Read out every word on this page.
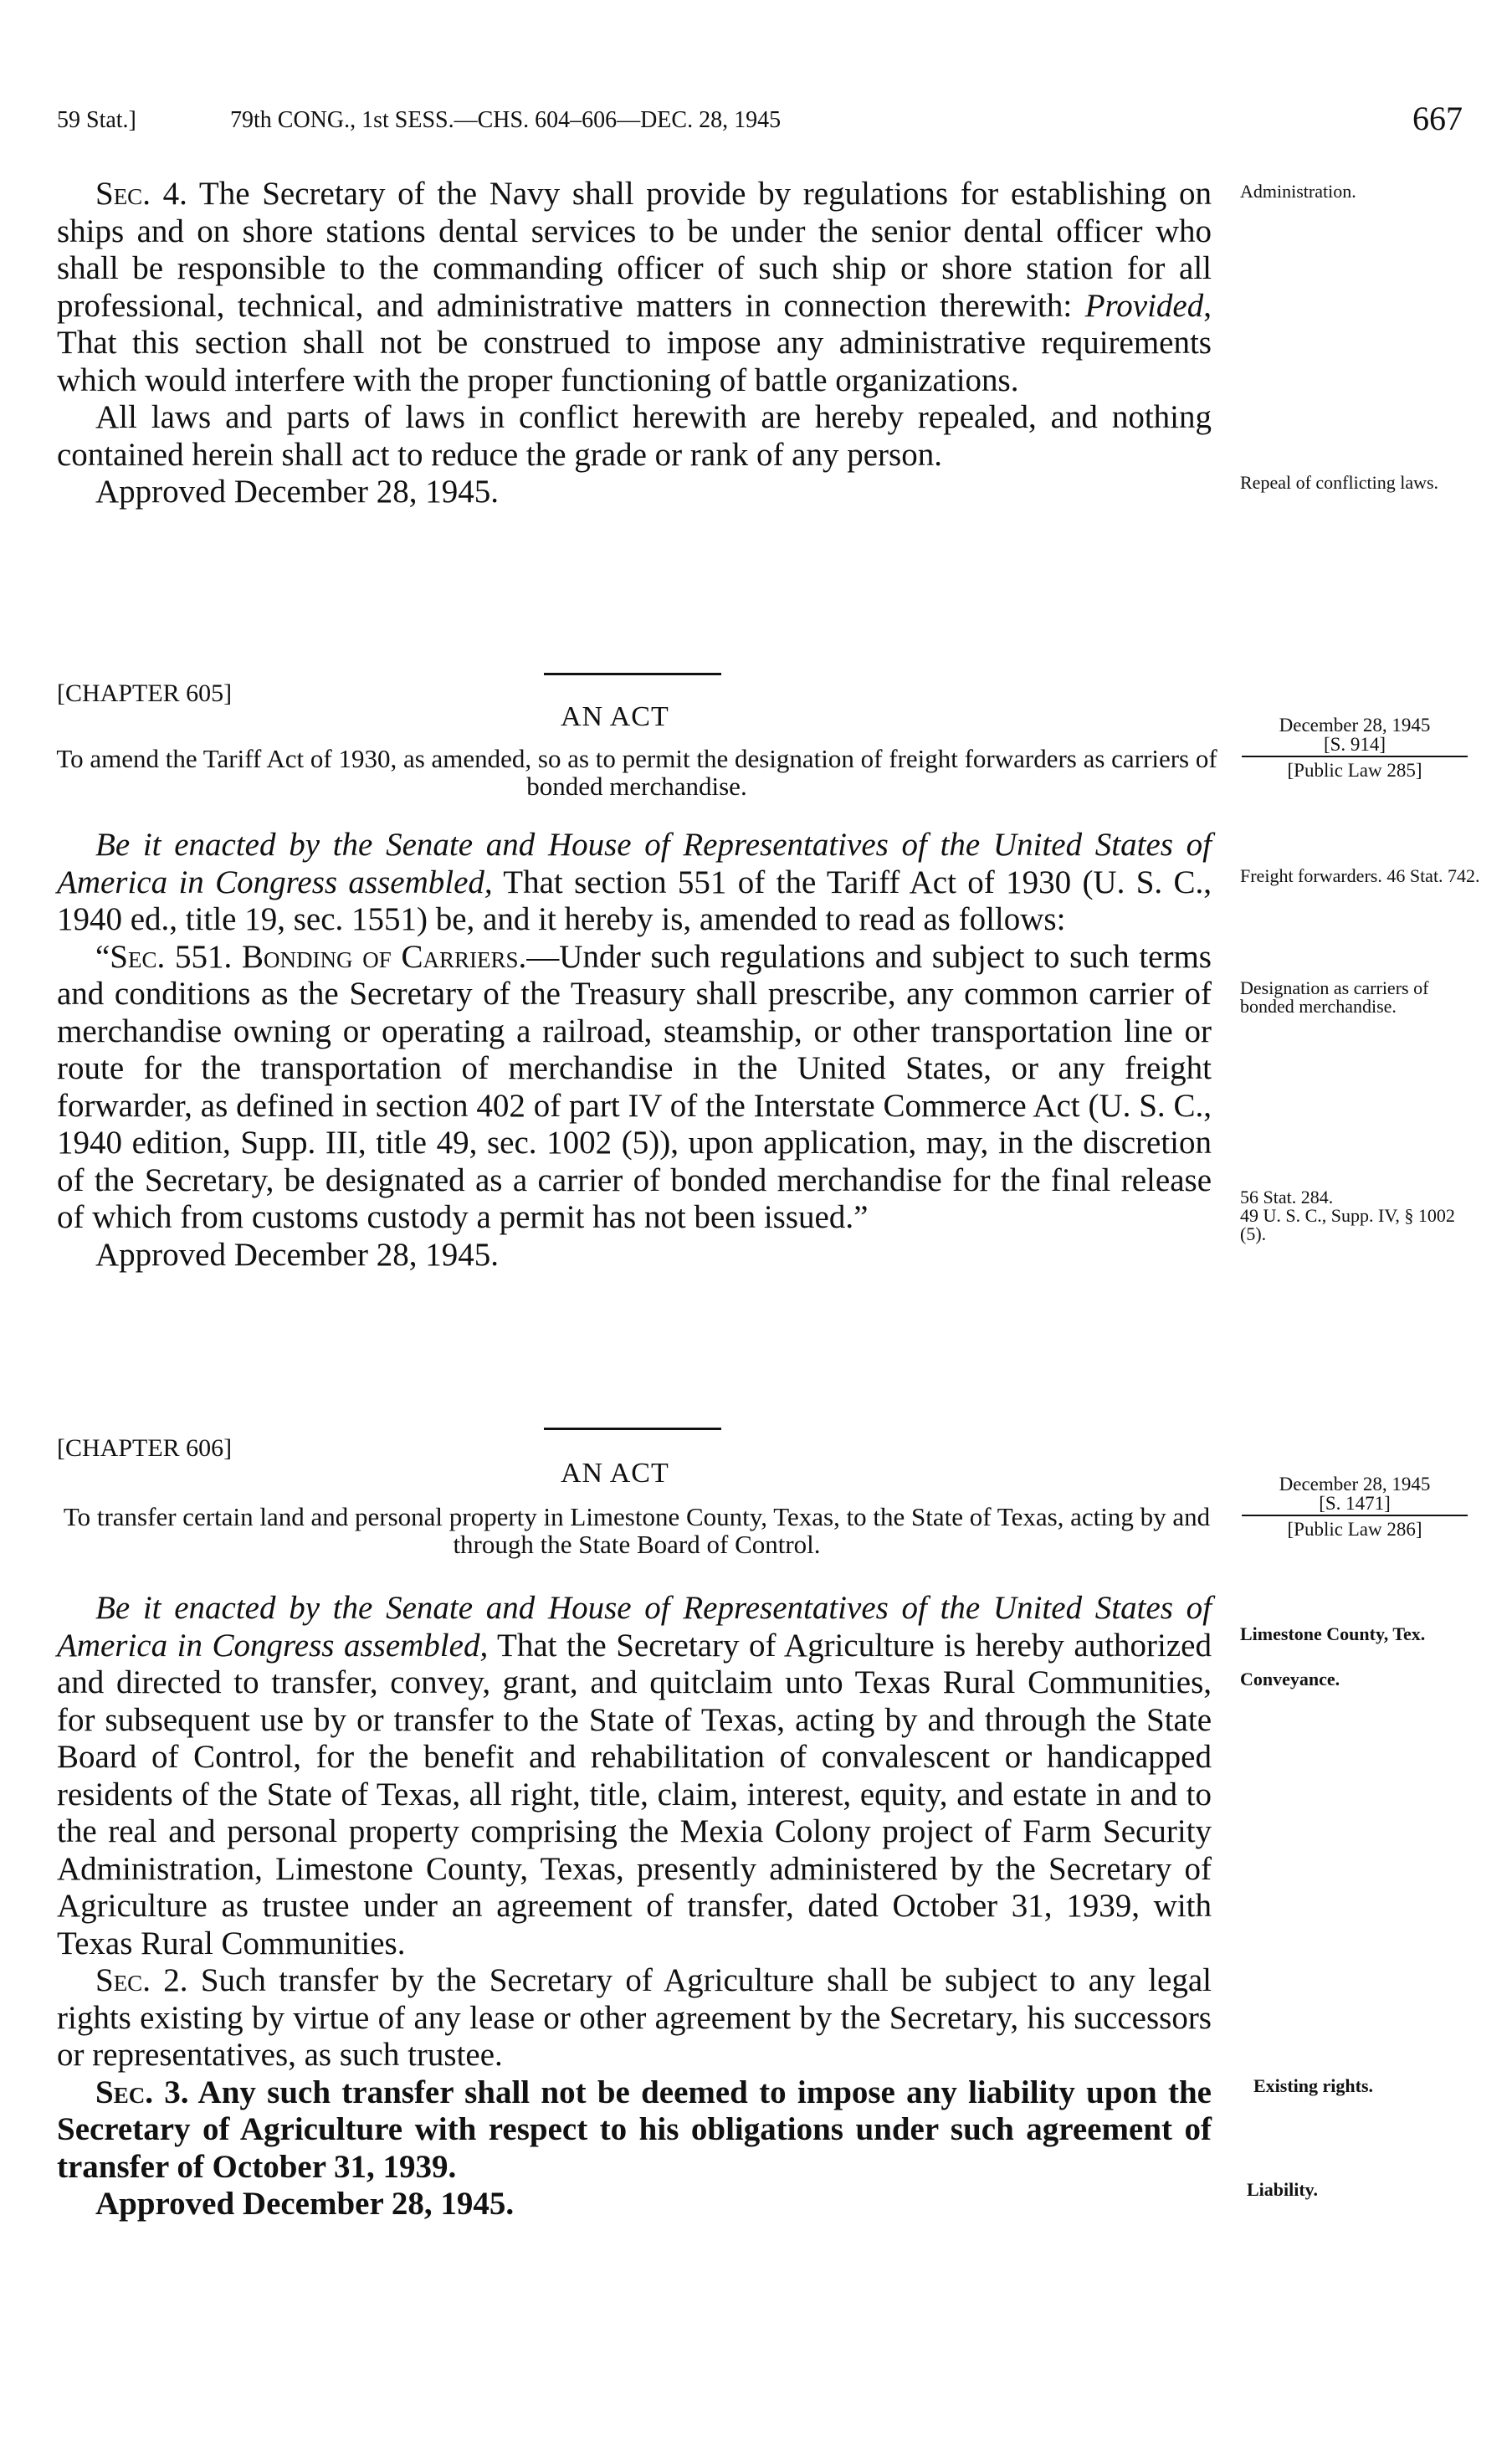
59 Stat.]	79th CONG., 1st SESS.—CHS. 604–606—DEC. 28, 1945	667

Sec. 4. The Secretary of the Navy shall provide by regulations for establishing on ships and on shore stations dental services to be under the senior dental officer who shall be responsible to the commanding officer of such ship or shore station for all professional, technical, and administrative matters in connection therewith: Provided, That this section shall not be construed to impose any administrative requirements which would interfere with the proper functioning of battle organizations.

All laws and parts of laws in conflict herewith are hereby repealed, and nothing contained herein shall act to reduce the grade or rank of any person.

Approved December 28, 1945.

Administration.
Repeal of conflicting laws.
[CHAPTER 605]
AN ACT
To amend the Tariff Act of 1930, as amended, so as to permit the designation of freight forwarders as carriers of bonded merchandise.
December 28, 1945
[S. 914]
[Public Law 285]

Be it enacted by the Senate and House of Representatives of the United States of America in Congress assembled, That section 551 of the Tariff Act of 1930 (U. S. C., 1940 ed., title 19, sec. 1551) be, and it hereby is, amended to read as follows:

“Sec. 551. Bonding of Carriers.—Under such regulations and subject to such terms and conditions as the Secretary of the Treasury shall prescribe, any common carrier of merchandise owning or operating a railroad, steamship, or other transportation line or route for the transportation of merchandise in the United States, or any freight forwarder, as defined in section 402 of part IV of the Interstate Commerce Act (U. S. C., 1940 edition, Supp. III, title 49, sec. 1002 (5)), upon application, may, in the discretion of the Secretary, be designated as a carrier of bonded merchandise for the final release of which from customs custody a permit has not been issued.”

Approved December 28, 1945.

Freight forwarders. 46 Stat. 742.
Designation as carriers of bonded merchandise.
56 Stat. 284.
49 U. S. C., Supp. IV, § 1002 (5).
[CHAPTER 606]
AN ACT
To transfer certain land and personal property in Limestone County, Texas, to the State of Texas, acting by and through the State Board of Control.
December 28, 1945
[S. 1471]
[Public Law 286]

Be it enacted by the Senate and House of Representatives of the United States of America in Congress assembled, That the Secretary of Agriculture is hereby authorized and directed to transfer, convey, grant, and quitclaim unto Texas Rural Communities, for subsequent use by or transfer to the State of Texas, acting by and through the State Board of Control, for the benefit and rehabilitation of convalescent or handicapped residents of the State of Texas, all right, title, claim, interest, equity, and estate in and to the real and personal property comprising the Mexia Colony project of Farm Security Administration, Limestone County, Texas, presently administered by the Secretary of Agriculture as trustee under an agreement of transfer, dated October 31, 1939, with Texas Rural Communities.

Sec. 2. Such transfer by the Secretary of Agriculture shall be subject to any legal rights existing by virtue of any lease or other agreement by the Secretary, his successors or representatives, as such trustee.

Sec. 3. Any such transfer shall not be deemed to impose any liability upon the Secretary of Agriculture with respect to his obligations under such agreement of transfer of October 31, 1939.

Approved December 28, 1945.

Limestone County, Tex.
Conveyance.
Existing rights.
Liability.
